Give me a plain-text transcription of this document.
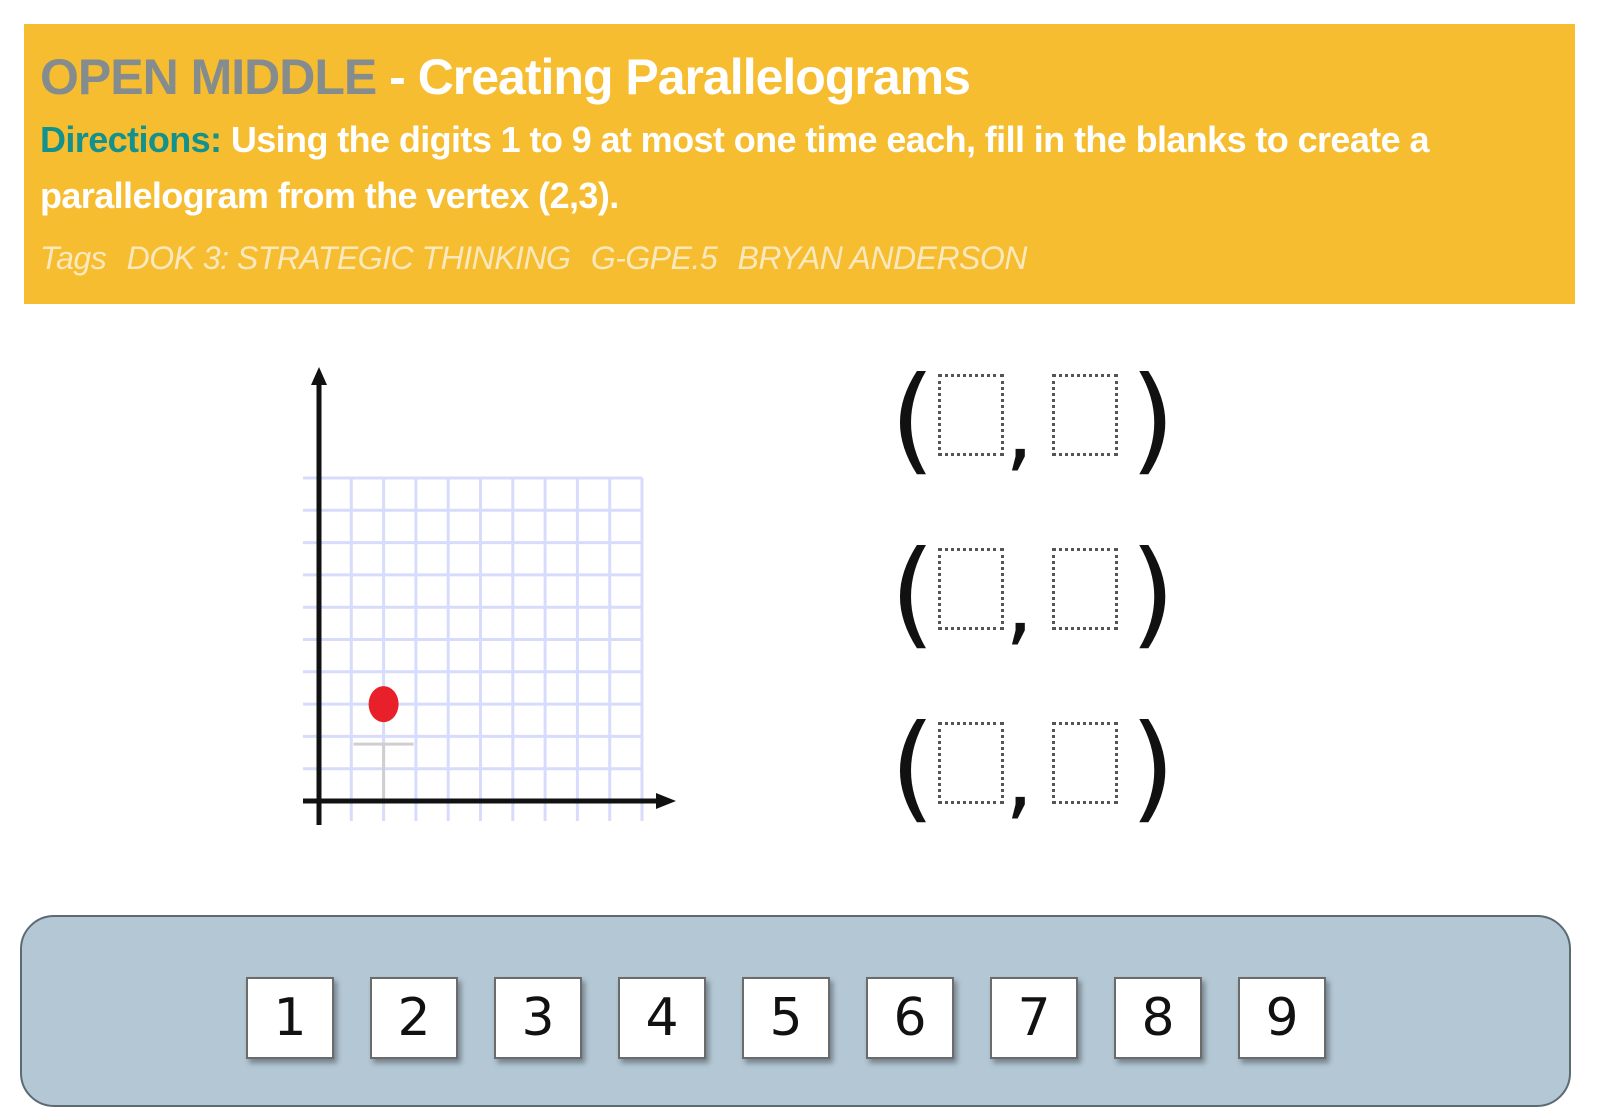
OPEN MIDDLE - Creating Parallelograms
Directions: Using the digits 1 to 9 at most one time each, fill in the blanks to create a parallelogram from the vertex (2,3).
Tags DOK 3: STRATEGIC THINKING G-GPE.5 BRYAN ANDERSON
( , )
( , )
( , )
1	2	3	4	5	6	7	8	9
